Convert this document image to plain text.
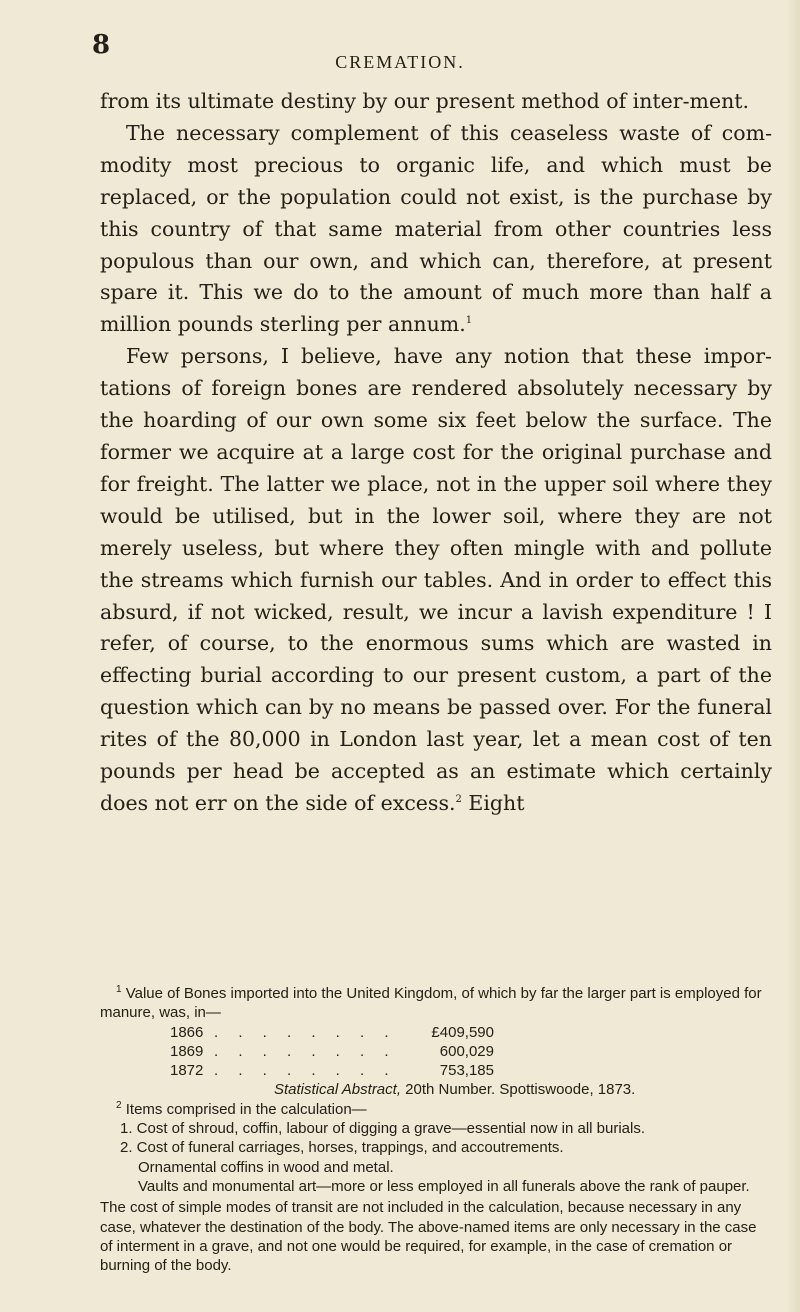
8
CREMATION.

from its ultimate destiny by our present method of inter-ment.

The necessary complement of this ceaseless waste of com-modity most precious to organic life, and which must be replaced, or the population could not exist, is the purchase by this country of that same material from other countries less populous than our own, and which can, therefore, at present spare it. This we do to the amount of much more than half a million pounds sterling per annum.$^1$

Few persons, I believe, have any notion that these impor-tations of foreign bones are rendered absolutely necessary by the hoarding of our own some six feet below the surface. The former we acquire at a large cost for the original purchase and for freight. The latter we place, not in the upper soil where they would be utilised, but in the lower soil, where they are not merely useless, but where they often mingle with and pollute the streams which furnish our tables. And in order to effect this absurd, if not wicked, result, we incur a lavish expenditure ! I refer, of course, to the enormous sums which are wasted in effecting burial according to our present custom, a part of the question which can by no means be passed over. For the funeral rites of the 80,000 in London last year, let a mean cost of ten pounds per head be accepted as an estimate which certainly does not err on the side of excess.$^2$ Eight

$^1$ Value of Bones imported into the United Kingdom, of which by far the larger part is employed for manure, was, in—

1866 . . . . . . . .	£409,590
1869 . . . . . . . .	600,029
1872 . . . . . . . .	753,185

Statistical Abstract, 20th Number. Spottiswoode, 1873.

$^2$ Items comprised in the calculation—

1. Cost of shroud, coffin, labour of digging a grave—essential now in all burials.

2. Cost of funeral carriages, horses, trappings, and accoutrements.

Ornamental coffins in wood and metal.

Vaults and monumental art—more or less employed in all funerals above the rank of pauper.

The cost of simple modes of transit are not included in the calculation, because necessary in any case, whatever the destination of the body. The above-named items are only necessary in the case of interment in a grave, and not one would be required, for example, in the case of cremation or burning of the body.
